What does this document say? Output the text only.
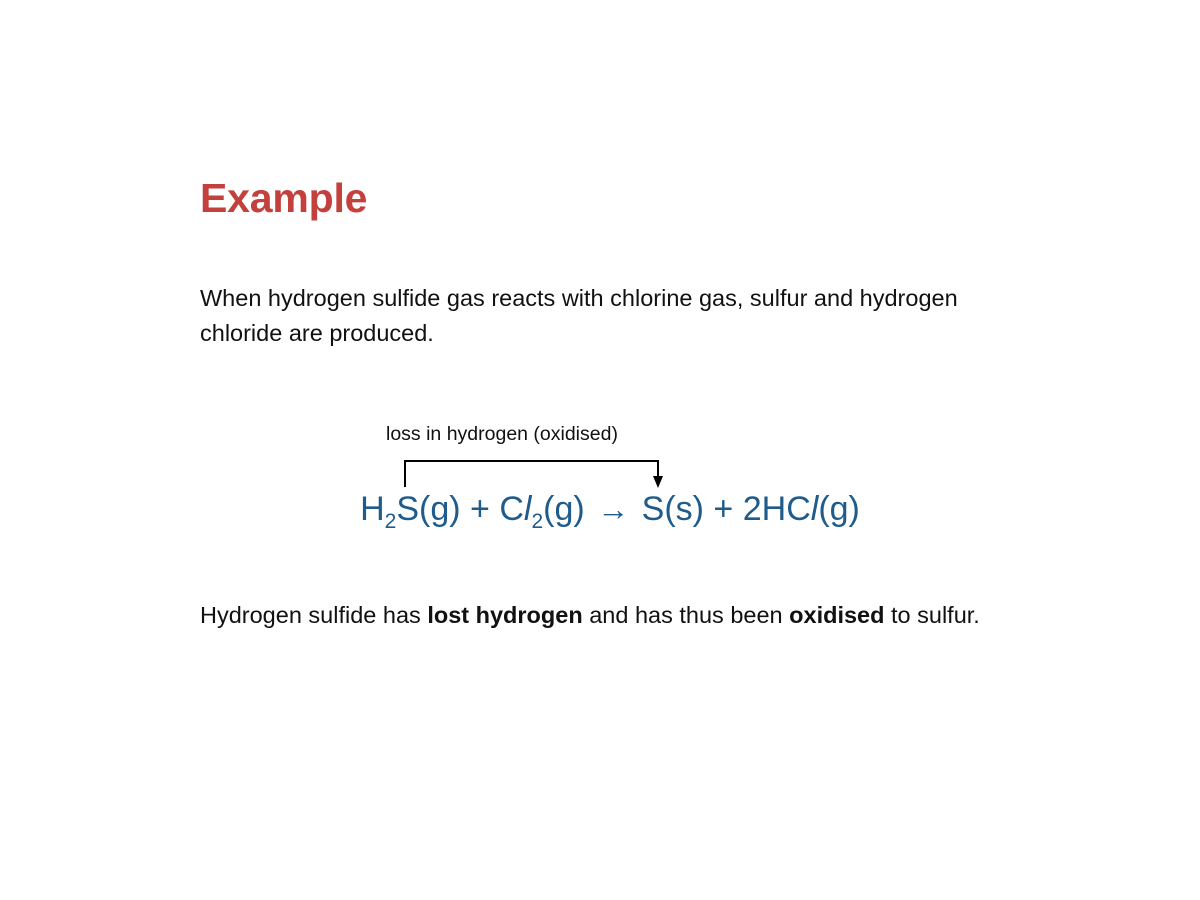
Example
When hydrogen sulfide gas reacts with chlorine gas, sulfur and hydrogen chloride are produced.
loss in hydrogen (oxidised)
$H_2S(g) + Cl_2(g) \to S(s) + 2HCl(g)$
Hydrogen sulfide has lost hydrogen and has thus been oxidised to sulfur.
